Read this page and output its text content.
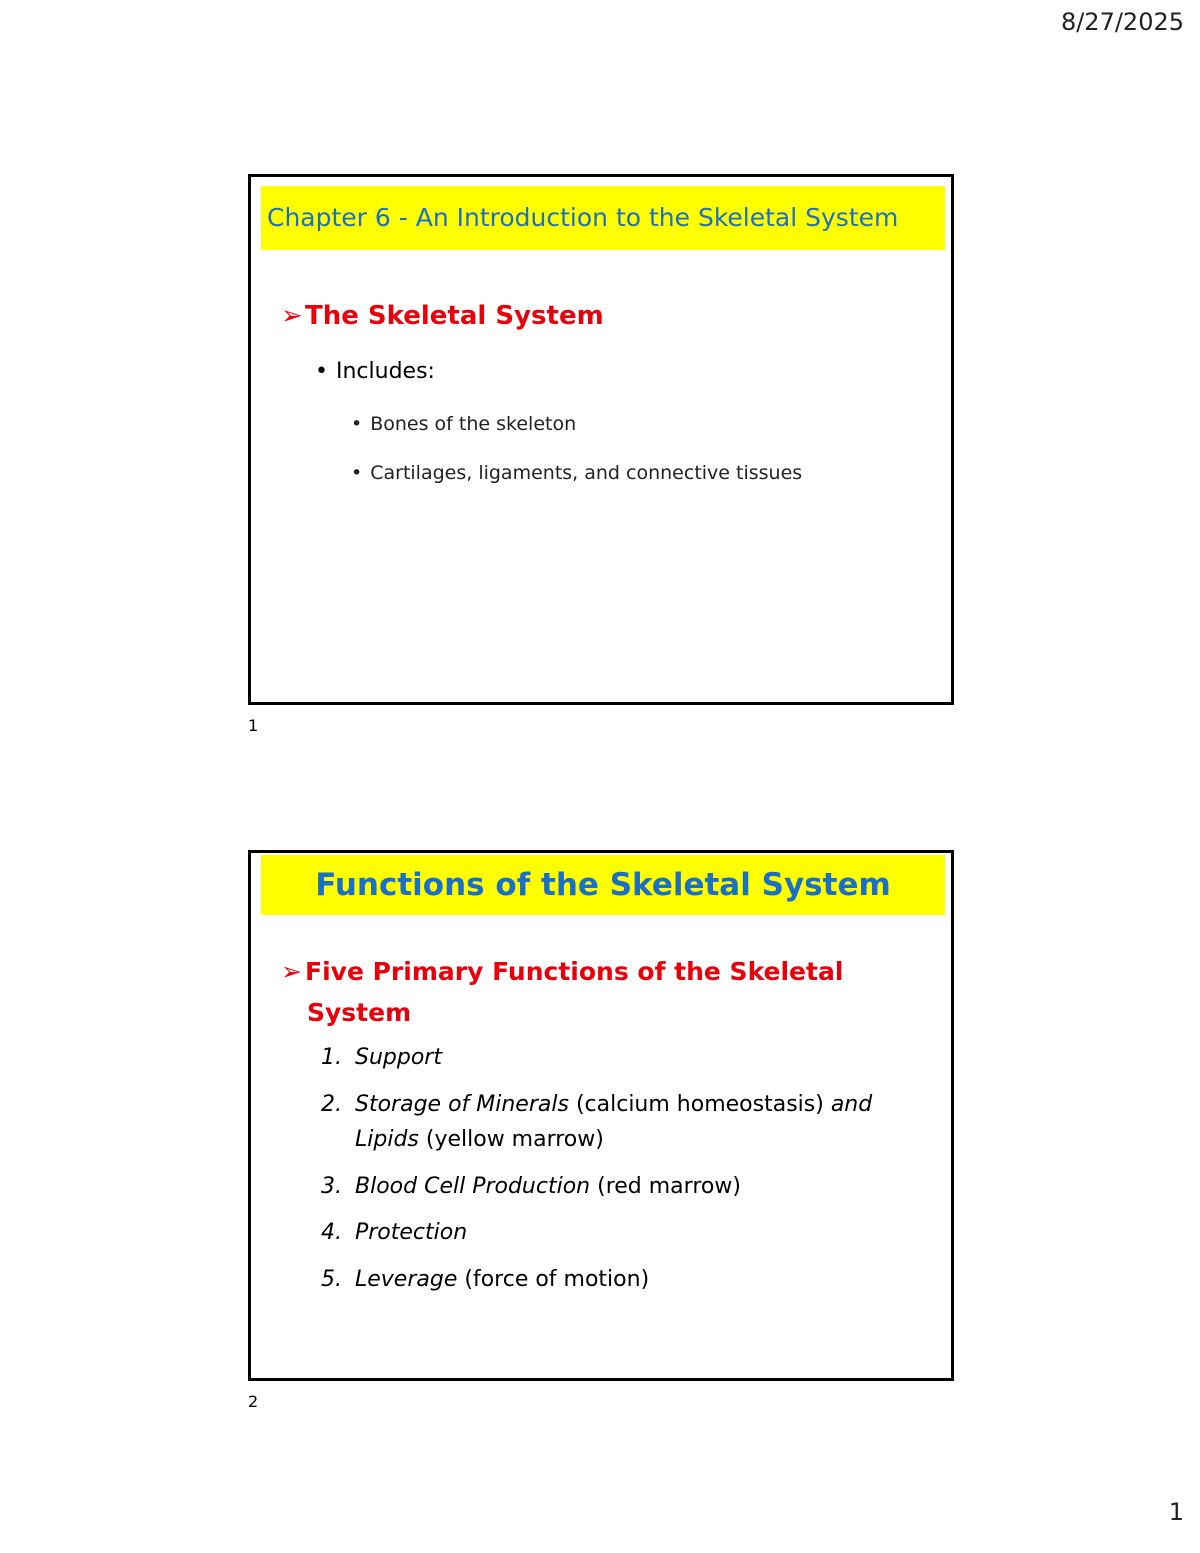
8/27/2025
Chapter 6 - An Introduction to the Skeletal System
➢The Skeletal System
• Includes:
• Bones of the skeleton
• Cartilages, ligaments, and connective tissues
1
Functions of the Skeletal System
➢ Five Primary Functions of the Skeletal
System
1. Support
2. Storage of Minerals (calcium homeostasis) and
Lipids (yellow marrow)
3. Blood Cell Production (red marrow)
4. Protection
5. Leverage (force of motion)
2
1
